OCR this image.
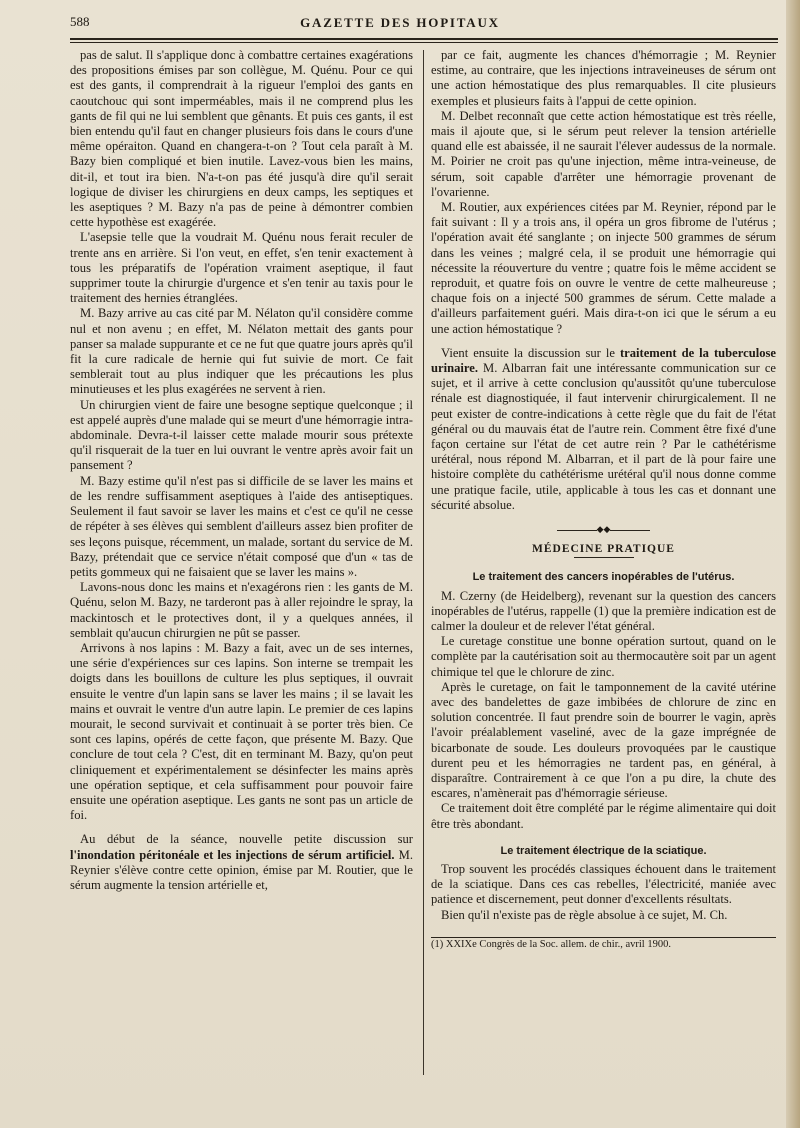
588	GAZETTE DES HOPITAUX

pas de salut. Il s'applique donc à combattre certaines exagérations des propositions émises par son collègue, M. Quénu. Pour ce qui est des gants, il comprendrait à la rigueur l'emploi des gants en caoutchouc qui sont imperméables, mais il ne comprend plus les gants de fil qui ne lui semblent que gênants. Et puis ces gants, il est bien entendu qu'il faut en changer plusieurs fois dans le cours d'une même opéraiton. Quand en changera-t-on ? Tout cela paraît à M. Bazy bien compliqué et bien inutile. Lavez-vous bien les mains, dit-il, et tout ira bien. N'a-t-on pas été jusqu'à dire qu'il serait logique de diviser les chirurgiens en deux camps, les septiques et les aseptiques ? M. Bazy n'a pas de peine à démontrer combien cette hypothèse est exagérée.

L'asepsie telle que la voudrait M. Quénu nous ferait reculer de trente ans en arrière. Si l'on veut, en effet, s'en tenir exactement à tous les préparatifs de l'opération vraiment aseptique, il faut supprimer toute la chirurgie d'urgence et s'en tenir au taxis pour le traitement des hernies étranglées.

M. Bazy arrive au cas cité par M. Nélaton qu'il considère comme nul et non avenu ; en effet, M. Nélaton mettait des gants pour panser sa malade suppurante et ce ne fut que quatre jours après qu'il fit la cure radicale de hernie qui fut suivie de mort. Ce fait semblerait tout au plus indiquer que les précautions les plus minutieuses et les plus exagérées ne servent à rien.

Un chirurgien vient de faire une besogne septique quelconque ; il est appelé auprès d'une malade qui se meurt d'une hémorragie intra-abdominale. Devra-t-il laisser cette malade mourir sous prétexte qu'il risquerait de la tuer en lui ouvrant le ventre après avoir fait un pansement ?

M. Bazy estime qu'il n'est pas si difficile de se laver les mains et de les rendre suffisamment aseptiques à l'aide des antiseptiques. Seulement il faut savoir se laver les mains et c'est ce qu'il ne cesse de répéter à ses élèves qui semblent d'ailleurs assez bien profiter de ses leçons puisque, récemment, un malade, sortant du service de M. Bazy, prétendait que ce service n'était composé que d'un « tas de petits gommeux qui ne faisaient que se laver les mains ».

Lavons-nous donc les mains et n'exagérons rien : les gants de M. Quénu, selon M. Bazy, ne tarderont pas à aller rejoindre le spray, la mackintosch et le protectives dont, il y a quelques années, il semblait qu'aucun chirurgien ne pût se passer.

Arrivons à nos lapins : M. Bazy a fait, avec un de ses internes, une série d'expériences sur ces lapins. Son interne se trempait les doigts dans les bouillons de culture les plus septiques, il ouvrait ensuite le ventre d'un lapin sans se laver les mains ; il se lavait les mains et ouvrait le ventre d'un autre lapin. Le premier de ces lapins mourait, le second survivait et continuait à se porter très bien. Ce sont ces lapins, opérés de cette façon, que présente M. Bazy. Que conclure de tout cela ? C'est, dit en terminant M. Bazy, qu'on peut cliniquement et expérimentalement se désinfecter les mains après une opération septique, et cela suffisamment pour pouvoir faire ensuite une opération aseptique. Les gants ne sont pas un article de foi.

Au début de la séance, nouvelle petite discussion sur l'inondation péritonéale et les injections de sérum artificiel. M. Reynier s'élève contre cette opinion, émise par M. Routier, que le sérum augmente la tension artérielle et,

par ce fait, augmente les chances d'hémorragie ; M. Reynier estime, au contraire, que les injections intraveineuses de sérum ont une action hémostatique des plus remarquables. Il cite plusieurs exemples et plusieurs faits à l'appui de cette opinion.

M. Delbet reconnaît que cette action hémostatique est très réelle, mais il ajoute que, si le sérum peut relever la tension artérielle quand elle est abaissée, il ne saurait l'élever audessus de la normale. M. Poirier ne croit pas qu'une injection, même intra-veineuse, de sérum, soit capable d'arrêter une hémorragie provenant de l'ovarienne.

M. Routier, aux expériences citées par M. Reynier, répond par le fait suivant : Il y a trois ans, il opéra un gros fibrome de l'utérus ; l'opération avait été sanglante ; on injecte 500 grammes de sérum dans les veines ; malgré cela, il se produit une hémorragie qui nécessite la réouverture du ventre ; quatre fois le même accident se reproduit, et quatre fois on ouvre le ventre de cette malheureuse ; chaque fois on a injecté 500 grammes de sérum. Cette malade a d'ailleurs parfaitement guéri. Mais dira-t-on ici que le sérum a eu une action hémostatique ?

Vient ensuite la discussion sur le traitement de la tuberculose urinaire. M. Albarran fait une intéressante communication sur ce sujet, et il arrive à cette conclusion qu'aussitôt qu'une tuberculose rénale est diagnostiquée, il faut intervenir chirurgicalement. Il ne peut exister de contre-indications à cette règle que du fait de l'état général ou du mauvais état de l'autre rein. Comment être fixé d'une façon certaine sur l'état de cet autre rein ? Par le cathétérisme urétéral, nous répond M. Albarran, et il part de là pour faire une histoire complète du cathétérisme urétéral qu'il nous donne comme une pratique facile, utile, applicable à tous les cas et donnant une sécurité absolue.

◆◆
MÉDECINE PRATIQUE
Le traitement des cancers inopérables de l'utérus.

M. Czerny (de Heidelberg), revenant sur la question des cancers inopérables de l'utérus, rappelle (1) que la première indication est de calmer la douleur et de relever l'état général.

Le curetage constitue une bonne opération surtout, quand on le complète par la cautérisation soit au thermocautère soit par un agent chimique tel que le chlorure de zinc.

Après le curetage, on fait le tamponnement de la cavité utérine avec des bandelettes de gaze imbibées de chlorure de zinc en solution concentrée. Il faut prendre soin de bourrer le vagin, après l'avoir préalablement vaseliné, avec de la gaze imprégnée de bicarbonate de soude. Les douleurs provoquées par le caustique durent peu et les hémorragies ne tardent pas, en général, à disparaître. Contrairement à ce que l'on a pu dire, la chute des escares, n'amènerait pas d'hémorragie sérieuse.

Ce traitement doit être complété par le régime alimentaire qui doit être très abondant.

Le traitement électrique de la sciatique.

Trop souvent les procédés classiques échouent dans le traitement de la sciatique. Dans ces cas rebelles, l'électricité, maniée avec patience et discernement, peut donner d'excellents résultats.

Bien qu'il n'existe pas de règle absolue à ce sujet, M. Ch.

(1) XXIXe Congrès de la Soc. allem. de chir., avril 1900.
